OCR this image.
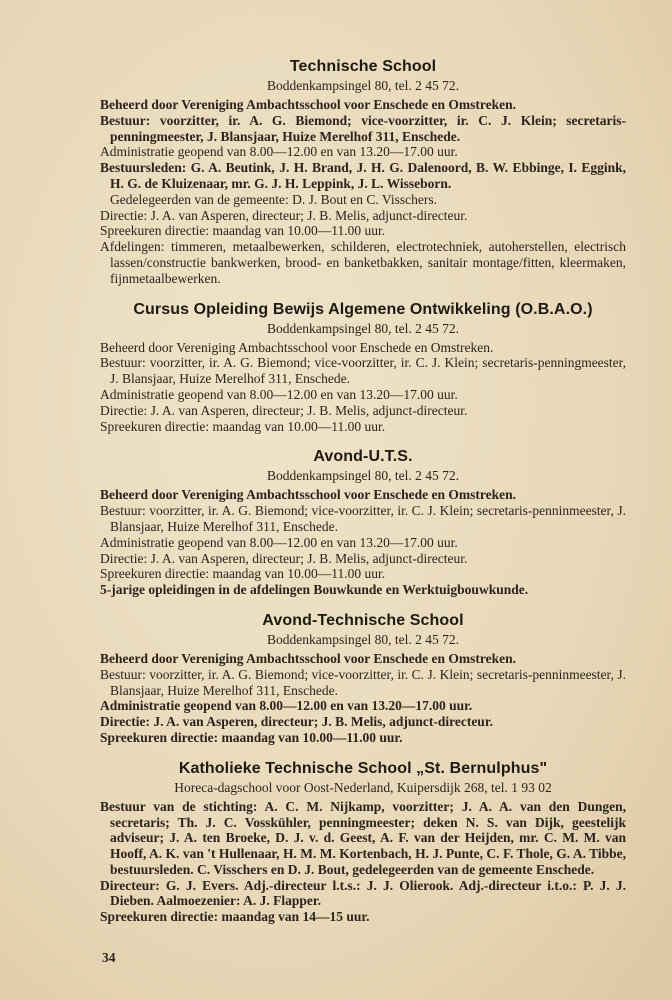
Technische School
Boddenkampsingel 80, tel. 2 45 72.
Beheerd door Vereniging Ambachtsschool voor Enschede en Omstreken.
Bestuur: voorzitter, ir. A. G. Biemond; vice-voorzitter, ir. C. J. Klein; secretaris-penningmeester, J. Blansjaar, Huize Merelhof 311, Enschede.
Administratie geopend van 8.00—12.00 en van 13.20—17.00 uur.
Bestuursleden: G. A. Beutink, J. H. Brand, J. H. G. Dalenoord, B. W. Ebbinge, I. Eggink, H. G. de Kluizenaar, mr. G. J. H. Leppink, J. L. Wisseborn.
Gedelegeerden van de gemeente: D. J. Bout en C. Visschers.
Directie: J. A. van Asperen, directeur; J. B. Melis, adjunct-directeur.
Spreekuren directie: maandag van 10.00—11.00 uur.
Afdelingen: timmeren, metaalbewerken, schilderen, electrotechniek, autoherstellen, electrisch lassen/constructie bankwerken, brood- en banketbakken, sanitair montage/fitten, kleermaken, fijnmetaalbewerken.
Cursus Opleiding Bewijs Algemene Ontwikkeling (O.B.A.O.)
Boddenkampsingel 80, tel. 2 45 72.
Beheerd door Vereniging Ambachtsschool voor Enschede en Omstreken.
Bestuur: voorzitter, ir. A. G. Biemond; vice-voorzitter, ir. C. J. Klein; secretaris-penningmeester, J. Blansjaar, Huize Merelhof 311, Enschede.
Administratie geopend van 8.00—12.00 en van 13.20—17.00 uur.
Directie: J. A. van Asperen, directeur; J. B. Melis, adjunct-directeur.
Spreekuren directie: maandag van 10.00—11.00 uur.
Avond-U.T.S.
Boddenkampsingel 80, tel. 2 45 72.
Beheerd door Vereniging Ambachtsschool voor Enschede en Omstreken.
Bestuur: voorzitter, ir. A. G. Biemond; vice-voorzitter, ir. C. J. Klein; secretaris-penninmeester, J. Blansjaar, Huize Merelhof 311, Enschede.
Administratie geopend van 8.00—12.00 en van 13.20—17.00 uur.
Directie: J. A. van Asperen, directeur; J. B. Melis, adjunct-directeur.
Spreekuren directie: maandag van 10.00—11.00 uur.
5-jarige opleidingen in de afdelingen Bouwkunde en Werktuigbouwkunde.
Avond-Technische School
Boddenkampsingel 80, tel. 2 45 72.
Beheerd door Vereniging Ambachtsschool voor Enschede en Omstreken.
Bestuur: voorzitter, ir. A. G. Biemond; vice-voorzitter, ir. C. J. Klein; secretaris-penninmeester, J. Blansjaar, Huize Merelhof 311, Enschede.
Administratie geopend van 8.00—12.00 en van 13.20—17.00 uur.
Directie: J. A. van Asperen, directeur; J. B. Melis, adjunct-directeur.
Spreekuren directie: maandag van 10.00—11.00 uur.
Katholieke Technische School „St. Bernulphus"
Horeca-dagschool voor Oost-Nederland, Kuipersdijk 268, tel. 1 93 02
Bestuur van de stichting: A. C. M. Nijkamp, voorzitter; J. A. A. van den Dungen, secretaris; Th. J. C. Vosskühler, penningmeester; deken N. S. van Dijk, geestelijk adviseur; J. A. ten Broeke, D. J. v. d. Geest, A. F. van der Heijden, mr. C. M. M. van Hooff, A. K. van 't Hullenaar, H. M. M. Kortenbach, H. J. Punte, C. F. Thole, G. A. Tibbe, bestuursleden. C. Visschers en D. J. Bout, gedelegeerden van de gemeente Enschede.
Directeur: G. J. Evers. Adj.-directeur l.t.s.: J. J. Olierook. Adj.-directeur i.t.o.: P. J. J. Dieben. Aalmoezenier: A. J. Flapper.
Spreekuren directie: maandag van 14—15 uur.
34
